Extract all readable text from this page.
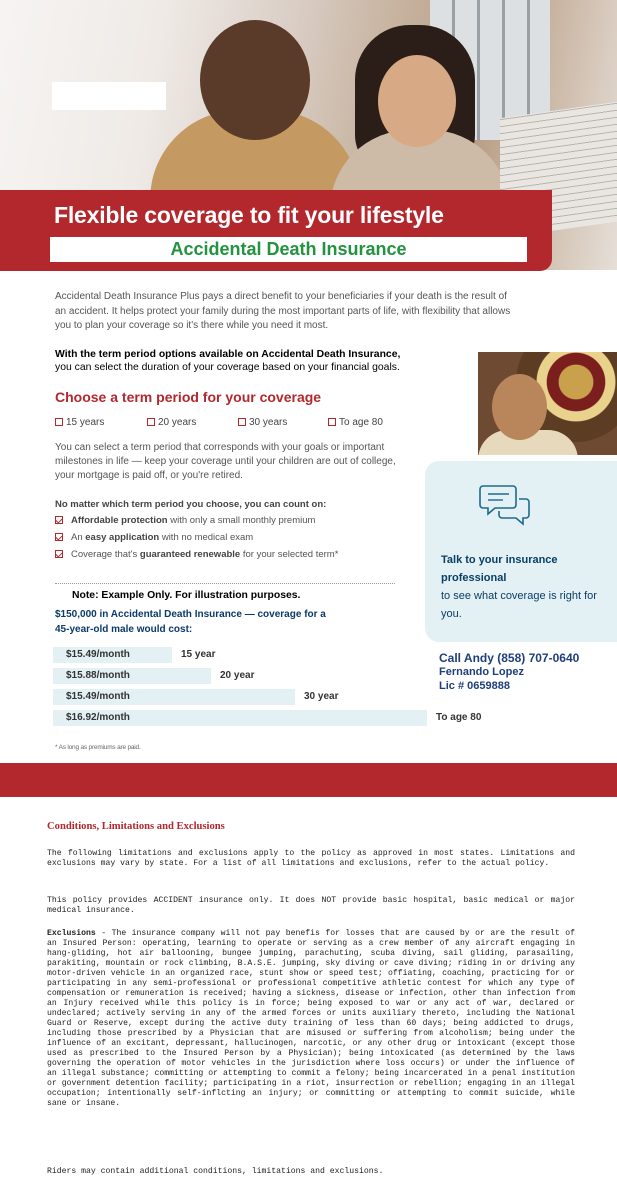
Flexible coverage to fit your lifestyle
Accidental Death Insurance

Accidental Death Insurance Plus pays a direct benefit to your beneficiaries if your death is the result of an accident. It helps protect your family during the most important parts of life, with flexibility that allows you to plan your coverage so it's there while you need it most.

With the term period options available on Accidental Death Insurance,
you can select the duration of your coverage based on your financial goals.
Choose a term period for your coverage
15 years	20 years	30 years	To age 80

You can select a term period that corresponds with your goals or important milestones in life — keep your coverage until your children are out of college, your mortgage is paid off, or you're retired.

No matter which term period you choose, you can count on:
Affordable protection with only a small monthly premium
An easy application with no medical exam
Coverage that's guaranteed renewable for your selected term*
Note: Example Only. For illustration purposes.
$150,000 in Accidental Death Insurance — coverage for a
45-year-old male would cost:
$15.49/month	15 year
$15.88/month	20 year
$15.49/month	30 year
$16.92/month	To age 80
* As long as premiums are paid.
Talk to your insurance professional
to see what coverage is right for you.
Call Andy (858) 707-0640
Fernando Lopez
Lic # 0659888
Conditions, Limitations and Exclusions

The following limitations and exclusions apply to the policy as approved in most states. Limitations and exclusions may vary by state. For a list of all limitations and exclusions, refer to the actual policy.

This policy provides ACCIDENT insurance only. It does NOT provide basic hospital, basic medical or major medical insurance.

Exclusions - The insurance company will not pay benefis for losses that are caused by or are the result of an Insured Person: operating, learning to operate or serving as a crew member of any aircraft engaging in hang-gliding, hot air ballooning, bungee jumping, parachuting, scuba diving, sail gliding, parasailing, parakiting, mountain or rock climbing, B.A.S.E. jumping, sky diving or cave diving; riding in or driving any motor-driven vehicle in an organized race, stunt show or speed test; offiating, coaching, practicing for or participating in any semi-professional or professional competitive athletic contest for which any type of compensation or remuneration is received; having a sickness, disease or infection, other than infection from an Injury received while this policy is in force; being exposed to war or any act of war, declared or undeclared; actively serving in any of the armed forces or units auxiliary thereto, including the National Guard or Reserve, except during the active duty training of less than 60 days; being addicted to drugs, including those prescribed by a Physician that are misused or suffering from alcoholism; being under the influence of an excitant, depressant, hallucinogen, narcotic, or any other drug or intoxicant (except those used as prescribed to the Insured Person by a Physician); being intoxicated (as determined by the laws governing the operation of motor vehicles in the jurisdiction where loss occurs) or under the influence of an illegal substance; committing or attempting to commit a felony; being incarcerated in a penal institution or government detention facility; participating in a riot, insurrection or rebellion; engaging in an illegal occupation; intentionally self-inflcting an injury; or committing or attempting to commit suicide, while sane or insane.

Riders may contain additional conditions, limitations and exclusions.
